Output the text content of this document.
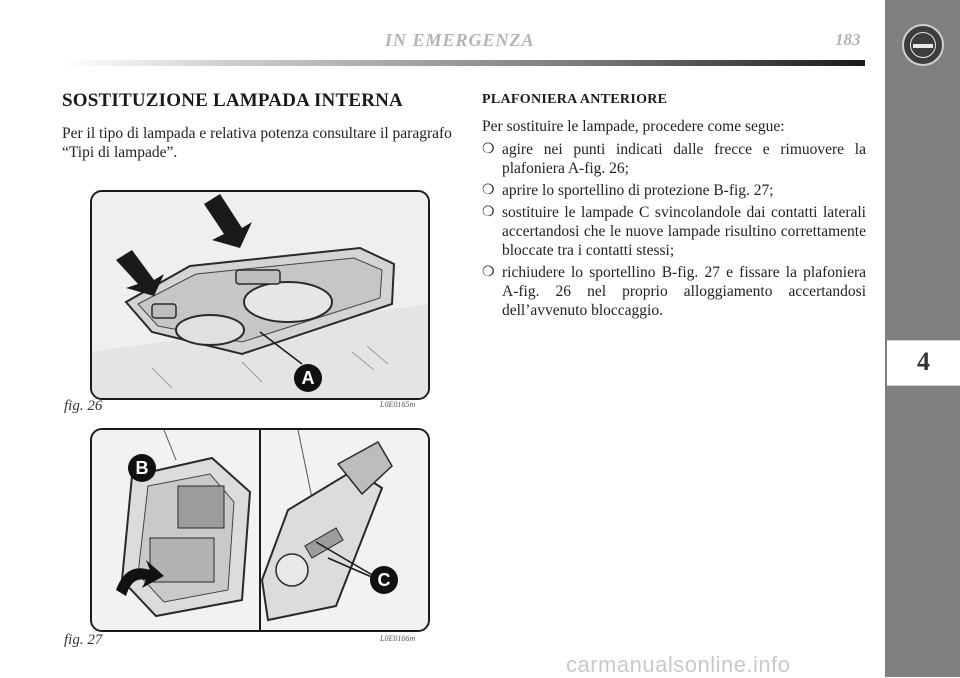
IN EMERGENZA	183
4
SOSTITUZIONE LAMPADA INTERNA
Per il tipo di lampada e relativa potenza consultare il paragrafo “Tipi di lampade”.
A
fig. 26	L0E0165m
B
C
fig. 27	L0E0166m
PLAFONIERA ANTERIORE
Per sostituire le lampade, procedere come segue:
❍ agire nei punti indicati dalle frecce e rimuovere la plafoniera A-fig. 26;
❍ aprire lo sportellino di protezione B-fig. 27;
❍ sostituire le lampade C svincolandole dai contatti laterali accertandosi che le nuove lampade risultino correttamente bloccate tra i contatti stessi;
❍ richiudere lo sportellino B-fig. 27 e fissare la plafoniera A-fig. 26 nel proprio alloggiamento accertandosi dell’avvenuto bloccaggio.
carmanualsonline.info
